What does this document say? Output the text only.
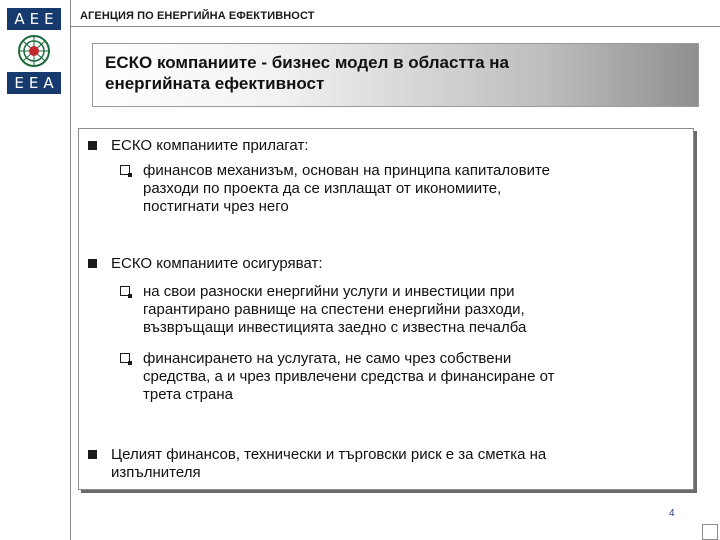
AEE
EEA
АГЕНЦИЯ ПО ЕНЕРГИЙНА ЕФЕКТИВНОСТ
ЕСКО компаниите - бизнес модел в областта на
енергийната ефективност
ЕСКО компаниите прилагат:
финансов механизъм, основан на принципа капиталовите
разходи по проекта да се изплащат от икономиите,
постигнати чрез него
ЕСКО компаниите осигуряват:
на свои разноски енергийни услуги и инвестиции при
гарантирано равнище на спестени енергийни разходи,
възвръщащи инвестицията заедно с известна печалба
финансирането на услугата, не само чрез собствени
средства, а и чрез привлечени средства и финансиране от
трета страна
Целият финансов, технически и търговски риск е за сметка на
изпълнителя
4
